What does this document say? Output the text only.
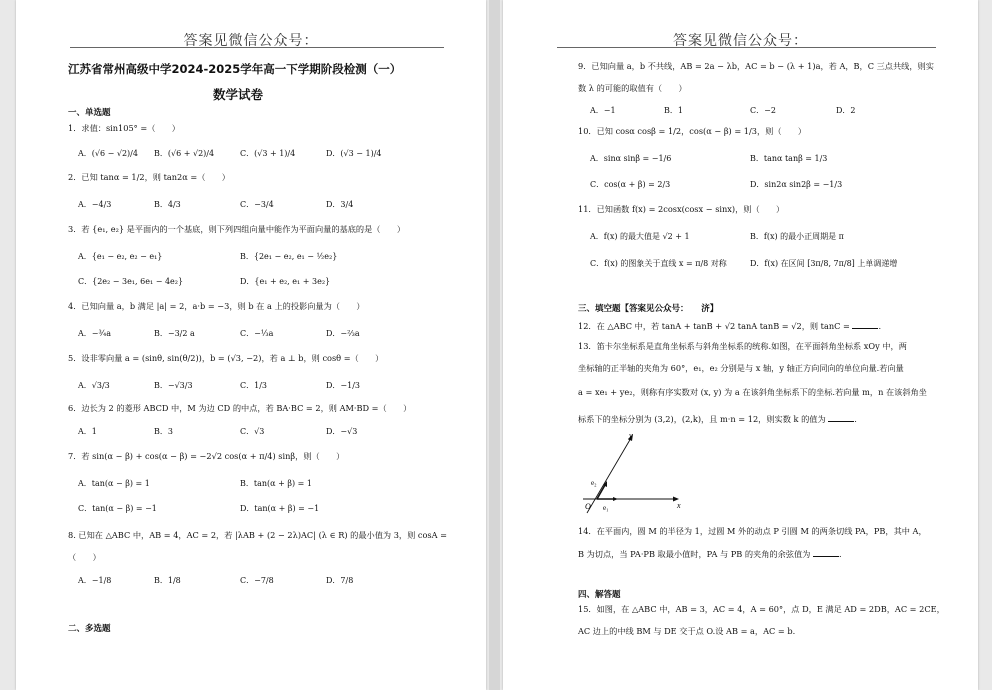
答案见微信公众号：
江苏省常州高级中学2024-2025学年高一下学期阶段检测（一）
数学试卷
一、单选题
1．求值：sin105° =（　　）
A．(√6 − √2)/4 B．(√6 + √2)/4	C．(√3 + 1)/4	D．(√3 − 1)/4
2．已知 tanα = 1/2，则 tan2α =（　　）
A．−4/3	B．4/3	C．−3/4	D．3/4
3．若 {e₁, e₂} 是平面内的一个基底，则下列四组向量中能作为平面向量的基底的是（　　）
A．{e₁ − e₂, e₂ − e₁}	B．{2e₁ − e₂, e₁ − ½e₂}
C．{2e₂ − 3e₁, 6e₁ − 4e₂}	D．{e₁ + e₂, e₁ + 3e₂}
4．已知向量 a，b 满足 |a| = 2，a·b = −3，则 b 在 a 上的投影向量为（　　）
A．−¾a	B．−3/2 a	C．−⅓a	D．−⅔a
5．设非零向量 a = (sinθ, sin(θ/2))，b = (√3, −2)，若 a ⊥ b，则 cosθ =（　　）
A．√3/3	B．−√3/3	C．1/3	D．−1/3
6．边长为 2 的菱形 ABCD 中，M 为边 CD 的中点，若 BA·BC = 2，则 AM·BD =（　　）
A．1	B．3	C．√3	D．−√3
7．若 sin(α − β) + cos(α − β) = −2√2 cos(α + π/4) sinβ，则（　　）
A．tan(α − β) = 1	B．tan(α + β) = 1
C．tan(α − β) = −1	D．tan(α + β) = −1
8. 已知在 △ABC 中，AB = 4，AC = 2，若 |λAB + (2 − 2λ)AC| (λ ∈ R) 的最小值为 3，则 cosA =
（　　）
A．−1/8	B．1/8	C．−7/8	D．7/8
二、多选题
答案见微信公众号：
9．已知向量 a，b 不共线，AB = 2a − λb，AC = b − (λ + 1)a，若 A，B，C 三点共线，则实
数 λ 的可能的取值有（　　）
A．−1	B．1	C．−2	D．2
10．已知 cosα cosβ = 1/2，cos(α − β) = 1/3，则（　　）
A．sinα sinβ = −1/6	B．tanα tanβ = 1/3
C．cos(α + β) = 2/3	D．sin2α sin2β = −1/3
11．已知函数 f(x) = 2cosx(cosx − sinx)，则（　　）
A．f(x) 的最大值是 √2 + 1	B．f(x) 的最小正周期是 π
C．f(x) 的图象关于直线 x = π/8 对称	D．f(x) 在区间 [3π/8, 7π/8] 上单调递增
三、填空题【答案见公众号：　　济】
12．在 △ABC 中，若 tanA + tanB + √2 tanA tanB = √2，则 tanC =	.
13．笛卡尔坐标系是直角坐标系与斜角坐标系的统称.如图，在平面斜角坐标系 xOy 中，两
坐标轴的正半轴的夹角为 60°，e₁，e₂ 分别是与 x 轴，y 轴正方向同向的单位向量.若向量
a = xe₁ + ye₂，则称有序实数对 (x, y) 为 a 在该斜角坐标系下的坐标.若向量 m，n 在该斜角坐
标系下的坐标分别为 (3,2)，(2,k)，且 m·n = 12，则实数 k 的值为	.
y
x
O e₁
e₂
14．在平面内，圆 M 的半径为 1，过圆 M 外的动点 P 引圆 M 的两条切线 PA，PB，其中 A，
B 为切点，当 PA·PB 取最小值时，PA 与 PB 的夹角的余弦值为	.
四、解答题
15．如图，在 △ABC 中，AB = 3，AC = 4，A = 60°，点 D，E 满足 AD = 2DB，AC = 2CE，
AC 边上的中线 BM 与 DE 交于点 O.设 AB = a，AC = b.
